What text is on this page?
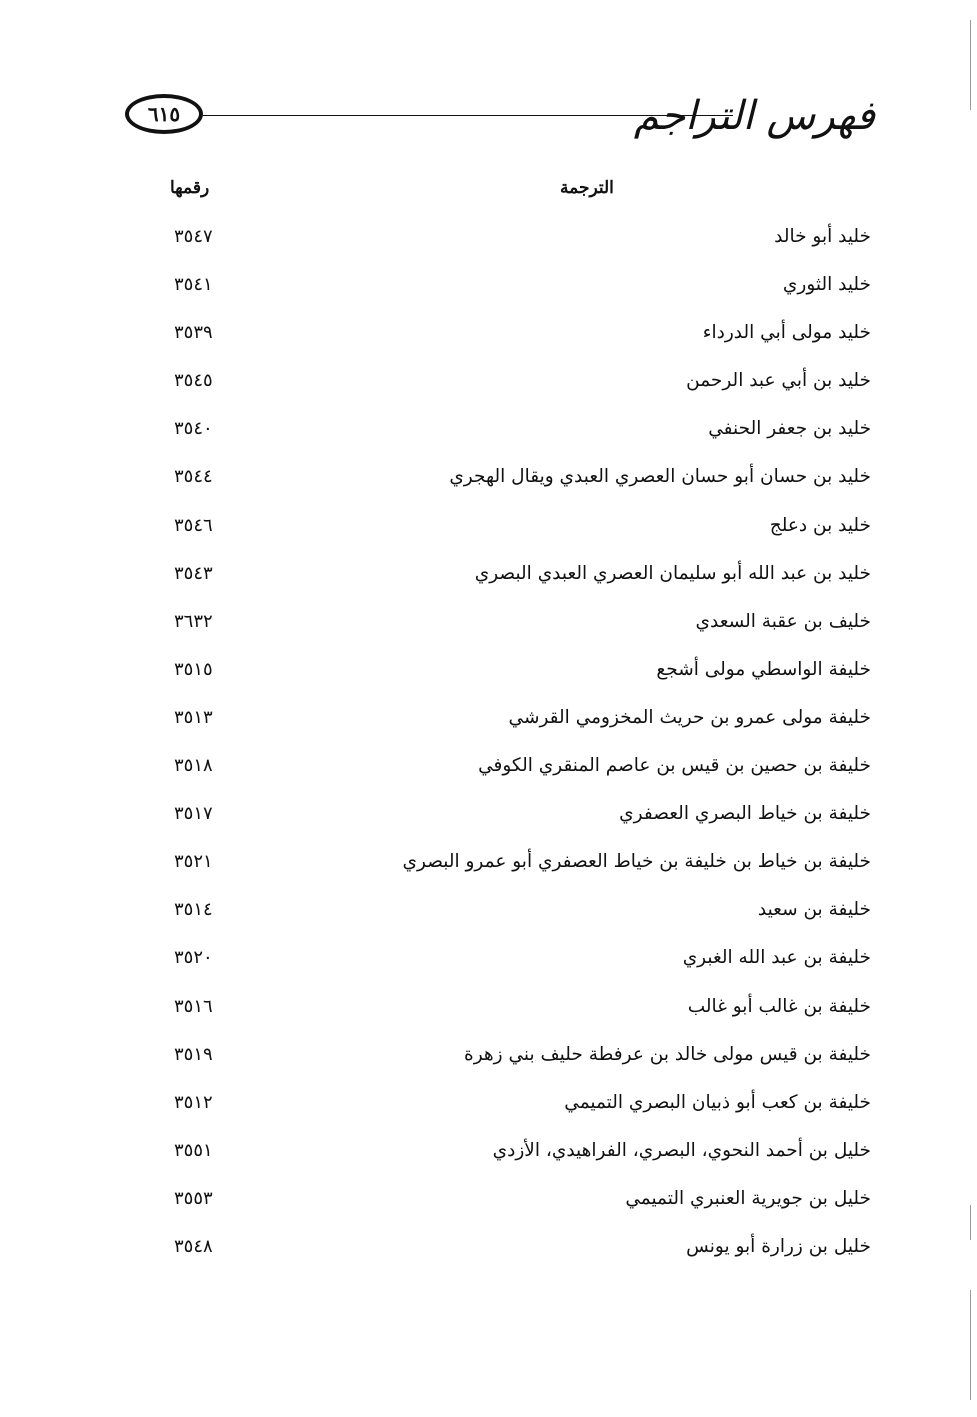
٦١٥	فهرس التراجم
رقمها	الترجمة
خليد أبو خالد
٣٥٤٧
خليد الثوري
٣٥٤١
خليد مولى أبي الدرداء
٣٥٣٩
خليد بن أبي عبد الرحمن
٣٥٤٥
خليد بن جعفر الحنفي
٣٥٤٠
خليد بن حسان أبو حسان العصري العبدي ويقال الهجري
٣٥٤٤
خليد بن دعلج
٣٥٤٦
خليد بن عبد الله أبو سليمان العصري العبدي البصري
٣٥٤٣
خليف بن عقبة السعدي
٣٦٣٢
خليفة الواسطي مولى أشجع
٣٥١٥
خليفة مولى عمرو بن حريث المخزومي القرشي
٣٥١٣
خليفة بن حصين بن قيس بن عاصم المنقري الكوفي
٣٥١٨
خليفة بن خياط البصري العصفري
٣٥١٧
خليفة بن خياط بن خليفة بن خياط العصفري أبو عمرو البصري
٣٥٢١
خليفة بن سعيد
٣٥١٤
خليفة بن عبد الله الغبري
٣٥٢٠
خليفة بن غالب أبو غالب
٣٥١٦
خليفة بن قيس مولى خالد بن عرفطة حليف بني زهرة
٣٥١٩
خليفة بن كعب أبو ذبيان البصري التميمي
٣٥١٢
خليل بن أحمد النحوي، البصري، الفراهيدي، الأزدي
٣٥٥١
خليل بن جويرية العنبري التميمي
٣٥٥٣
خليل بن زرارة أبو يونس
٣٥٤٨
